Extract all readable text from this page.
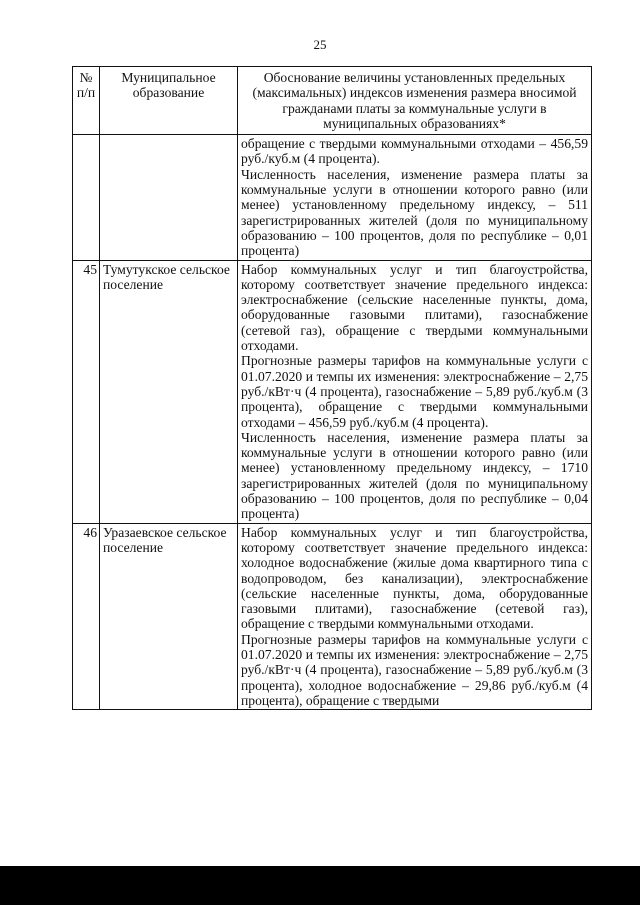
25
№ п/п	Муниципальное образование	Обоснование величины установленных предельных (максимальных) индексов изменения размера вносимой гражданами платы за коммунальные услуги в муниципальных образованиях*

		обращение с твердыми коммунальными отходами – 456,59 руб./куб.м (4 процента).

Численность населения, изменение размера платы за коммунальные услуги в отношении которого равно (или менее) установленному предельному индексу, – 511 зарегистрированных жителей (доля по муниципальному образованию – 100 процентов, доля по республике – 0,01 процента)

45	Тумутукское сельское поселение	Набор коммунальных услуг и тип благоустройства, которому соответствует значение предельного индекса: электроснабжение (сельские населенные пункты, дома, оборудованные газовыми плитами), газоснабжение (сетевой газ), обращение с твердыми коммунальными отходами.

Прогнозные размеры тарифов на коммунальные услуги с 01.07.2020 и темпы их изменения: электроснабжение – 2,75 руб./кВт·ч (4 процента), газоснабжение – 5,89 руб./куб.м (3 процента), обращение с твердыми коммунальными отходами – 456,59 руб./куб.м (4 процента).

Численность населения, изменение размера платы за коммунальные услуги в отношении которого равно (или менее) установленному предельному индексу, – 1710 зарегистрированных жителей (доля по муниципальному образованию – 100 процентов, доля по республике – 0,04 процента)

46	Уразаевское сельское поселение	Набор коммунальных услуг и тип благоустройства, которому соответствует значение предельного индекса: холодное водоснабжение (жилые дома квартирного типа с водопроводом, без канализации), электроснабжение (сельские населенные пункты, дома, оборудованные газовыми плитами), газоснабжение (сетевой газ), обращение с твердыми коммунальными отходами.

Прогнозные размеры тарифов на коммунальные услуги с 01.07.2020 и темпы их изменения: электроснабжение – 2,75 руб./кВт·ч (4 процента), газоснабжение – 5,89 руб./куб.м (3 процента), холодное водоснабжение – 29,86 руб./куб.м (4 процента), обращение с твердыми
